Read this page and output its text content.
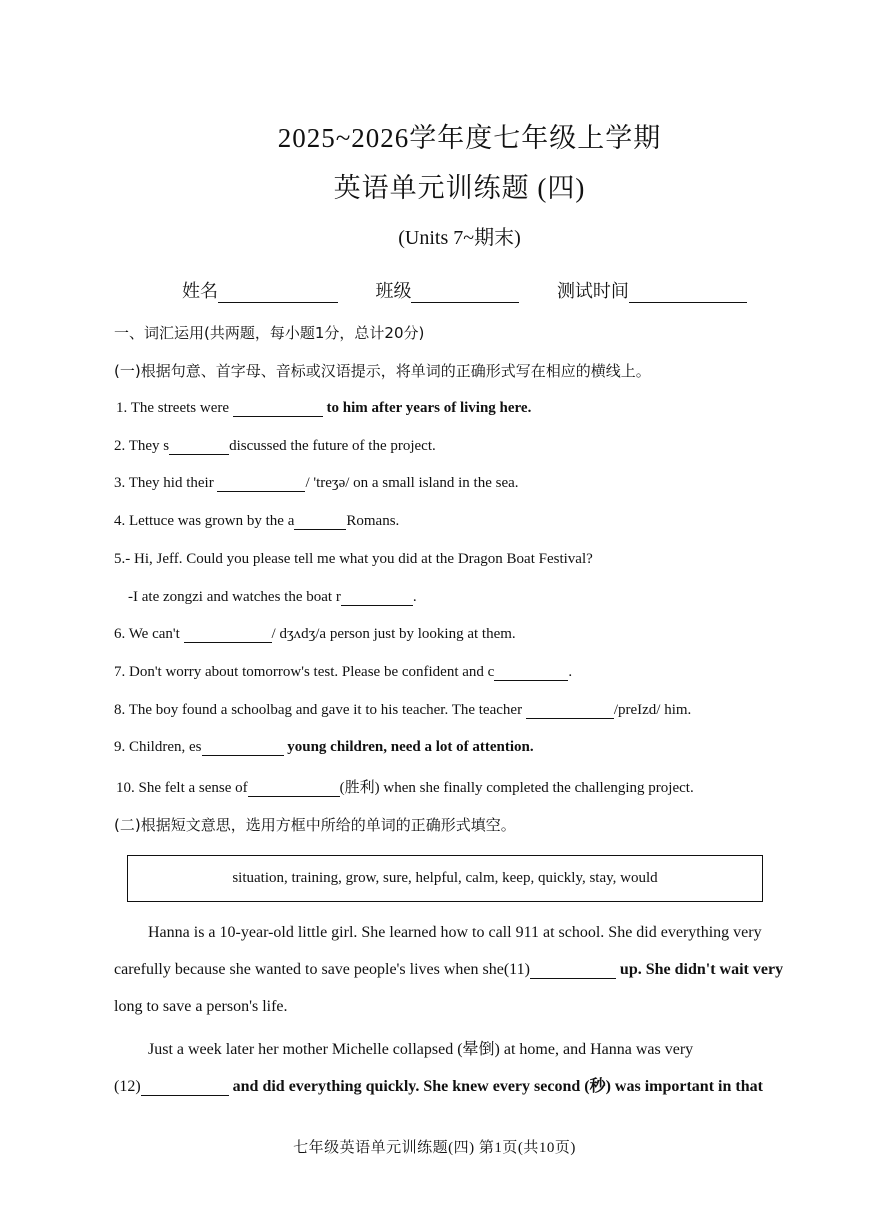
2025~2026学年度七年级上学期
英语单元训练题 (四)
(Units 7~期末)
姓名	班级	测试时间
一、词汇运用(共两题，每小题1分，总计20分)
(一)根据句意、首字母、音标或汉语提示，将单词的正确形式写在相应的横线上。
1. The streets were	to him after years of living here.
2. They s	discussed the future of the project.
3. They hid their	/ 'treʒə/ on a small island in the sea.
4. Lettuce was grown by the a	Romans.
5.- Hi, Jeff. Could you please tell me what you did at the Dragon Boat Festival?
-I ate zongzi and watches the boat r	.
6. We can't	/ dʒʌdʒ/a person just by looking at them.
7. Don't worry about tomorrow's test. Please be confident and c	.
8. The boy found a schoolbag and gave it to his teacher. The teacher	/preIzd/ him.
9. Children, es	young children, need a lot of attention.
10. She felt a sense of	(胜利) when she finally completed the challenging project.
(二)根据短文意思，选用方框中所给的单词的正确形式填空。
situation, training, grow, sure, helpful, calm, keep, quickly, stay, would
Hanna is a 10-year-old little girl. She learned how to call 911 at school. She did everything very
carefully because she wanted to save people's lives when she(11)	up. She didn't wait very
long to save a person's life.
Just a week later her mother Michelle collapsed (晕倒) at home, and Hanna was very
(12)	and did everything quickly. She knew every second (秒) was important in that
七年级英语单元训练题(四) 第1页(共10页)
